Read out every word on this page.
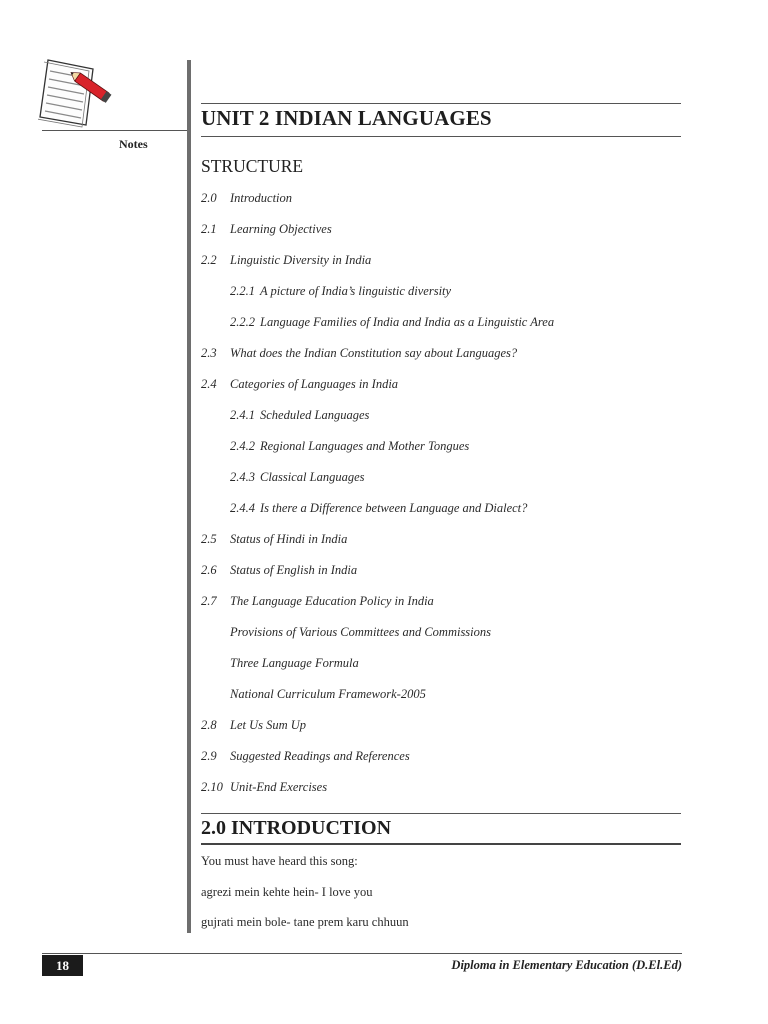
Notes
UNIT 2 INDIAN LANGUAGES
STRUCTURE
2.0 Introduction
2.1 Learning Objectives
2.2 Linguistic Diversity in India
2.2.1 A picture of India’s linguistic diversity
2.2.2 Language Families of India and India as a Linguistic Area
2.3 What does the Indian Constitution say about Languages?
2.4 Categories of Languages in India
2.4.1 Scheduled Languages
2.4.2 Regional Languages and Mother Tongues
2.4.3 Classical Languages
2.4.4 Is there a Difference between Language and Dialect?
2.5 Status of Hindi in India
2.6 Status of English in India
2.7 The Language Education Policy in India
Provisions of Various Committees and Commissions
Three Language Formula
National Curriculum Framework-2005
2.8 Let Us Sum Up
2.9 Suggested Readings and References
2.10 Unit-End Exercises
2.0 INTRODUCTION
You must have heard this song:
agrezi mein kehte hein- I love you
gujrati mein bole- tane prem karu chhuun
18	Diploma in Elementary Education (D.El.Ed)
